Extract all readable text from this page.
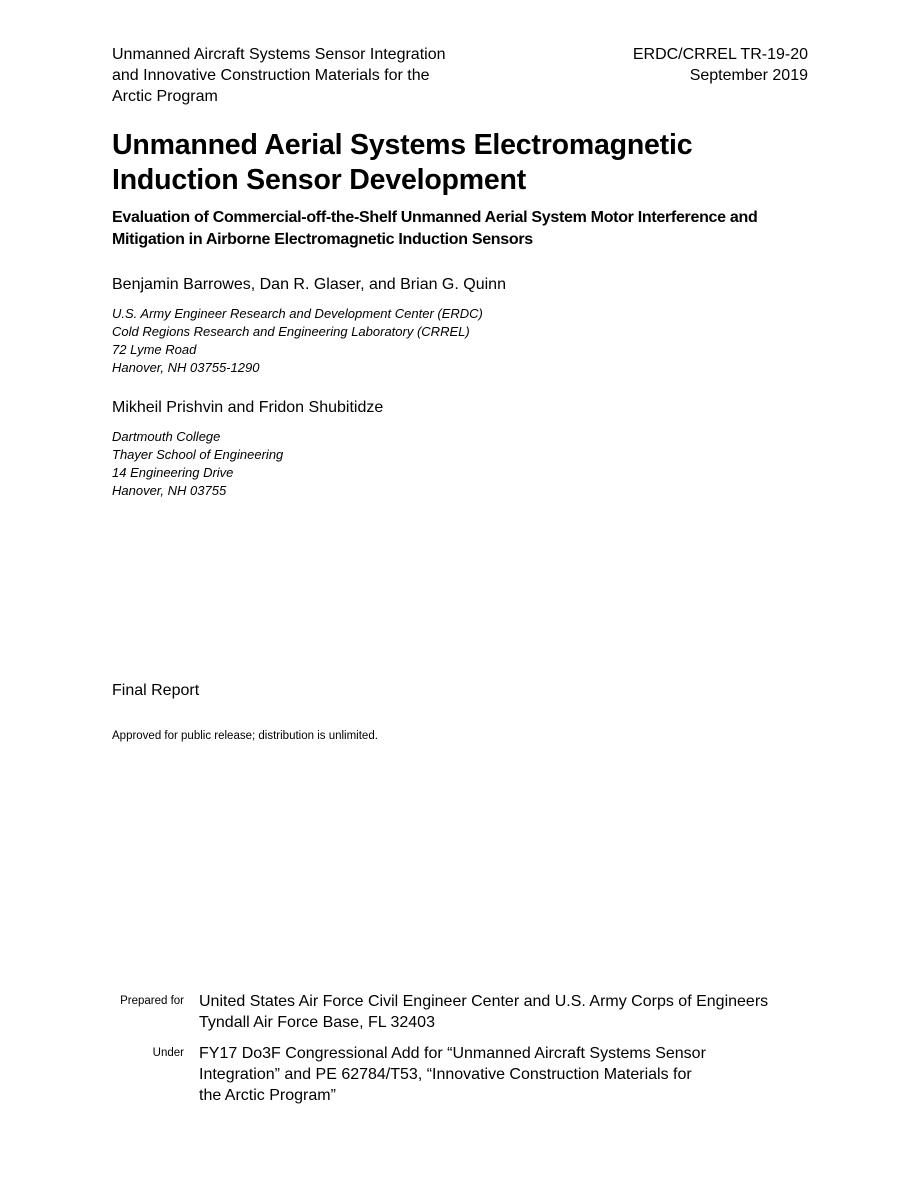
Unmanned Aircraft Systems Sensor Integration
and Innovative Construction Materials for the
Arctic Program
ERDC/CRREL TR-19-20
September 2019
Unmanned Aerial Systems Electromagnetic
Induction Sensor Development
Evaluation of Commercial-off-the-Shelf Unmanned Aerial System Motor Interference and
Mitigation in Airborne Electromagnetic Induction Sensors
Benjamin Barrowes, Dan R. Glaser, and Brian G. Quinn
U.S. Army Engineer Research and Development Center (ERDC)
Cold Regions Research and Engineering Laboratory (CRREL)
72 Lyme Road
Hanover, NH 03755-1290
Mikheil Prishvin and Fridon Shubitidze
Dartmouth College
Thayer School of Engineering
14 Engineering Drive
Hanover, NH 03755
Final Report
Approved for public release; distribution is unlimited.
Prepared for United States Air Force Civil Engineer Center and U.S. Army Corps of Engineers
Tyndall Air Force Base, FL 32403
Under FY17 Do3F Congressional Add for “Unmanned Aircraft Systems Sensor
Integration” and PE 62784/T53, “Innovative Construction Materials for
the Arctic Program”
